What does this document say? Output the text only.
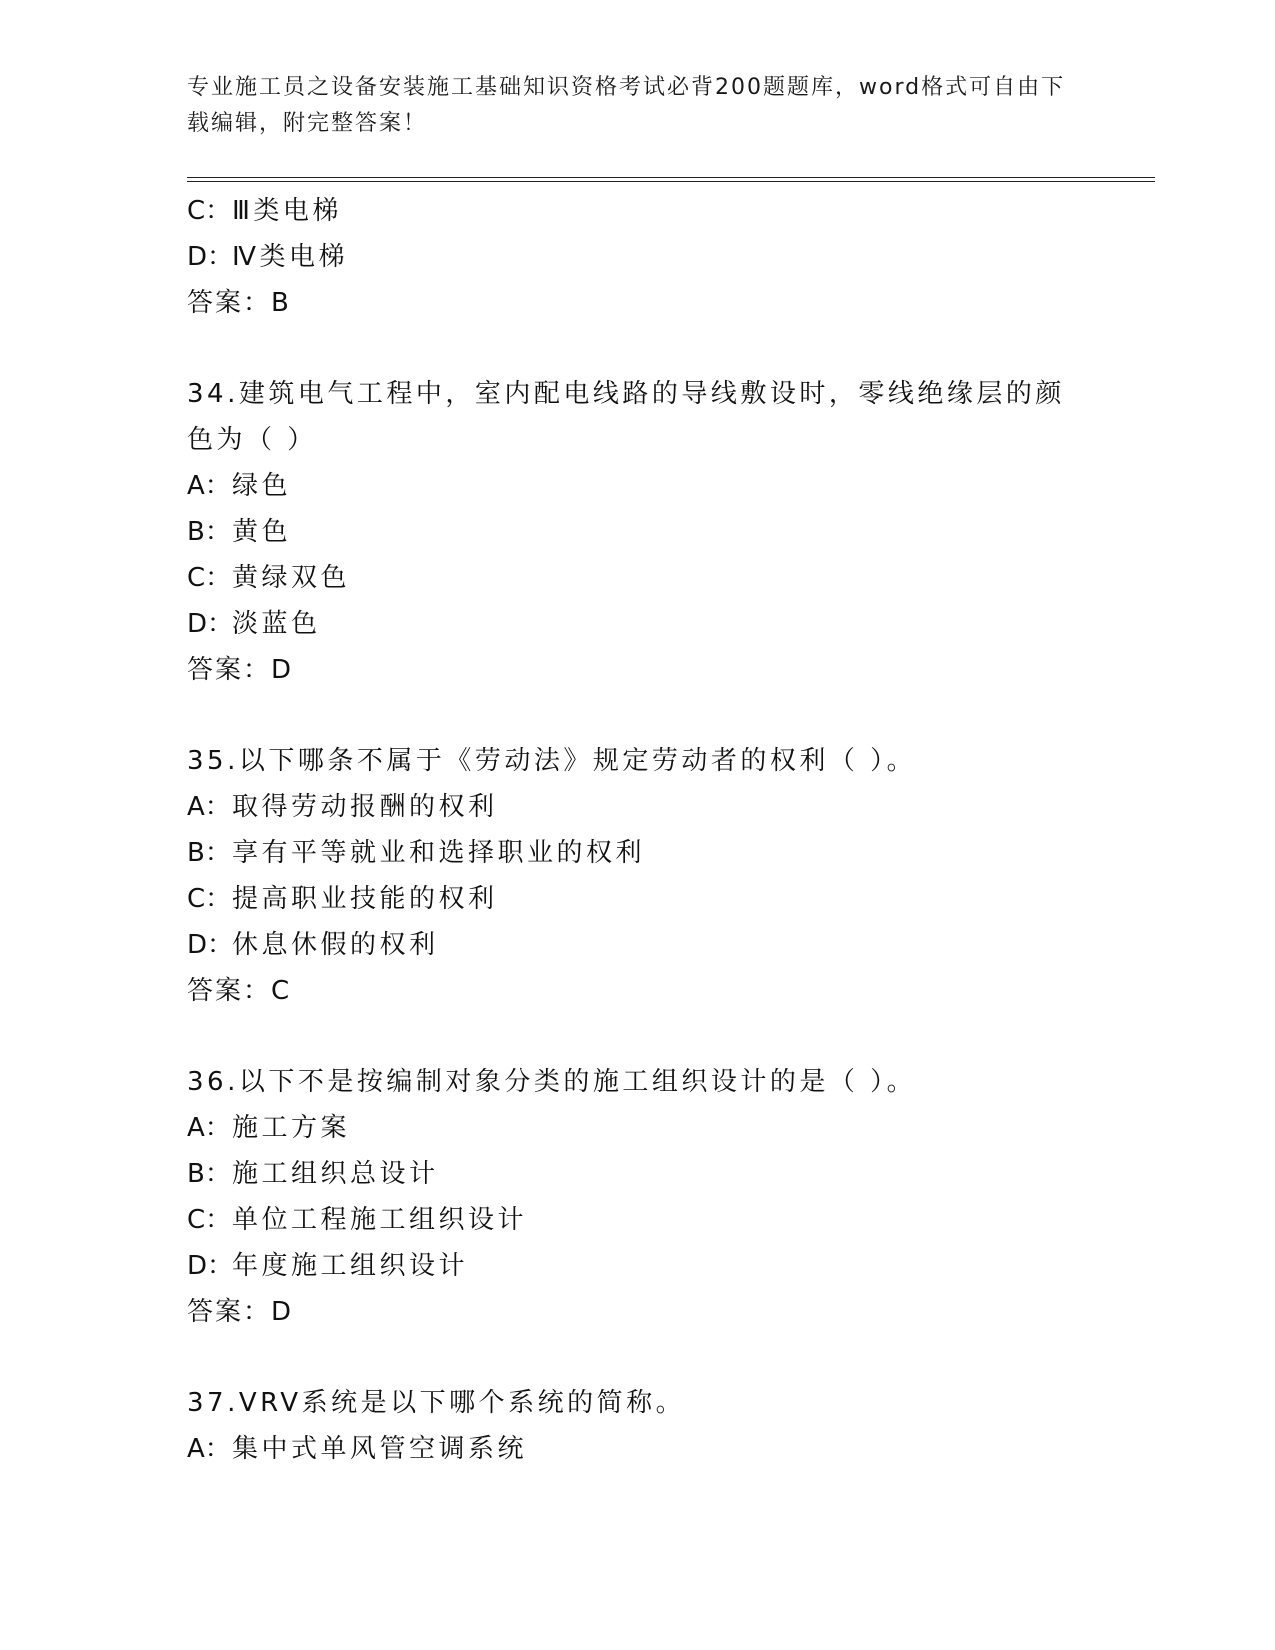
专业施工员之设备安装施工基础知识资格考试必背200题题库，word格式可自由下载编辑，附完整答案！
C：Ⅲ类电梯
D：Ⅳ类电梯
答案：B
34.建筑电气工程中，室内配电线路的导线敷设时，零线绝缘层的颜色为（ ）
A：绿色
B：黄色
C：黄绿双色
D：淡蓝色
答案：D
35.以下哪条不属于《劳动法》规定劳动者的权利（ ）。
A：取得劳动报酬的权利
B：享有平等就业和选择职业的权利
C：提高职业技能的权利
D：休息休假的权利
答案：C
36.以下不是按编制对象分类的施工组织设计的是（ ）。
A：施工方案
B：施工组织总设计
C：单位工程施工组织设计
D：年度施工组织设计
答案：D
37.VRV系统是以下哪个系统的简称。
A：集中式单风管空调系统
